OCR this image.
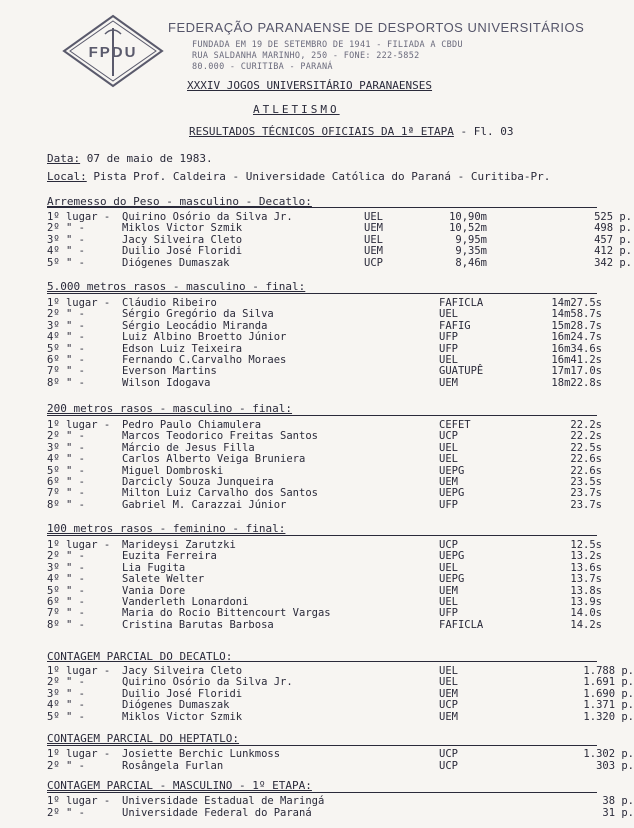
FPDU
FEDERAÇÃO PARANAENSE DE DESPORTOS UNIVERSITÁRIOS
FUNDADA EM 19 DE SETEMBRO DE 1941 - FILIADA A CBDU
RUA SALDANHA MARINHO, 250 - FONE: 222-5852
80.000 - CURITIBA - PARANÁ
XXXIV JOGOS UNIVERSITÁRIO PARANAENSES
ATLETISMO
RESULTADOS TÉCNICOS OFICIAIS DA 1ª ETAPA - Fl. 03
Data: 07 de maio de 1983.
Local: Pista Prof. Caldeira - Universidade Católica do Paraná - Curitiba-Pr.
Arremesso do Peso - masculino - Decatlo:
1º lugar - Quirino Osório da Silva Jr.	UEL	10,90m	525 p.
2º " -	Miklos Victor Szmik	UEM	10,52m	498 p.
3º " -	Jacy Silveira Cleto	UEL	9,95m	457 p.
4º " -	Duilio José Floridi	UEM	9,35m	412 p.
5º " -	Diógenes Dumaszak	UCP	8,46m	342 p.
5.000 metros rasos - masculino - final:
1º lugar - Cláudio Ribeiro	FAFICLA	14m27.5s
2º " -	Sérgio Gregório da Silva	UEL	14m58.7s
3º " -	Sérgio Leocádio Miranda	FAFIG	15m28.7s
4º " -	Luiz Albino Broetto Júnior	UFP	16m24.7s
5º " -	Edson Luiz Teixeira	UFP	16m34.6s
6º " -	Fernando C.Carvalho Moraes	UEL	16m41.2s
7º " -	Everson Martins	GUATUPÊ	17m17.0s
8º " -	Wilson Idogava	UEM	18m22.8s
200 metros rasos - masculino - final:
1º lugar - Pedro Paulo Chiamulera	CEFET	22.2s
2º " -	Marcos Teodorico Freitas Santos	UCP	22.2s
3º " -	Márcio de Jesus Filla	UEL	22.5s
4º " -	Carlos Alberto Veiga Bruniera	UEL	22.6s
5º " -	Miguel Dombroski	UEPG	22.6s
6º " -	Darcicly Souza Junqueira	UEM	23.5s
7º " -	Milton Luiz Carvalho dos Santos	UEPG	23.7s
8º " -	Gabriel M. Carazzai Júnior	UFP	23.7s
100 metros rasos - feminino - final:
1º lugar - Marideysi Zarutzki	UCP	12.5s
2º " -	Euzita Ferreira	UEPG	13.2s
3º " -	Lia Fugita	UEL	13.6s
4º " -	Salete Welter	UEPG	13.7s
5º " -	Vania Dore	UEM	13.8s
6º " -	Vanderleth Lonardoni	UEL	13.9s
7º " -	Maria do Rocio Bittencourt Vargas	UFP	14.0s
8º " -	Cristina Barutas Barbosa	FAFICLA	14.2s
CONTAGEM PARCIAL DO DECATLO:
1º lugar - Jacy Silveira Cleto	UEL	1.788 p.
2º " -	Quirino Osório da Silva Jr.	UEL	1.691 p.
3º " -	Duilio José Floridi	UEM	1.690 p.
4º " -	Diógenes Dumaszak	UCP	1.371 p.
5º " -	Miklos Victor Szmik	UEM	1.320 p.
CONTAGEM PARCIAL DO HEPTATLO:
1º lugar - Josiette Berchic Lunkmoss	UCP	1.302 p.
2º " -	Rosângela Furlan	UCP	303 p.
CONTAGEM PARCIAL - MASCULINO - 1º ETAPA:
1º lugar - Universidade Estadual de Maringá	38 p.
2º " -	Universidade Federal do Paraná	31 p.
